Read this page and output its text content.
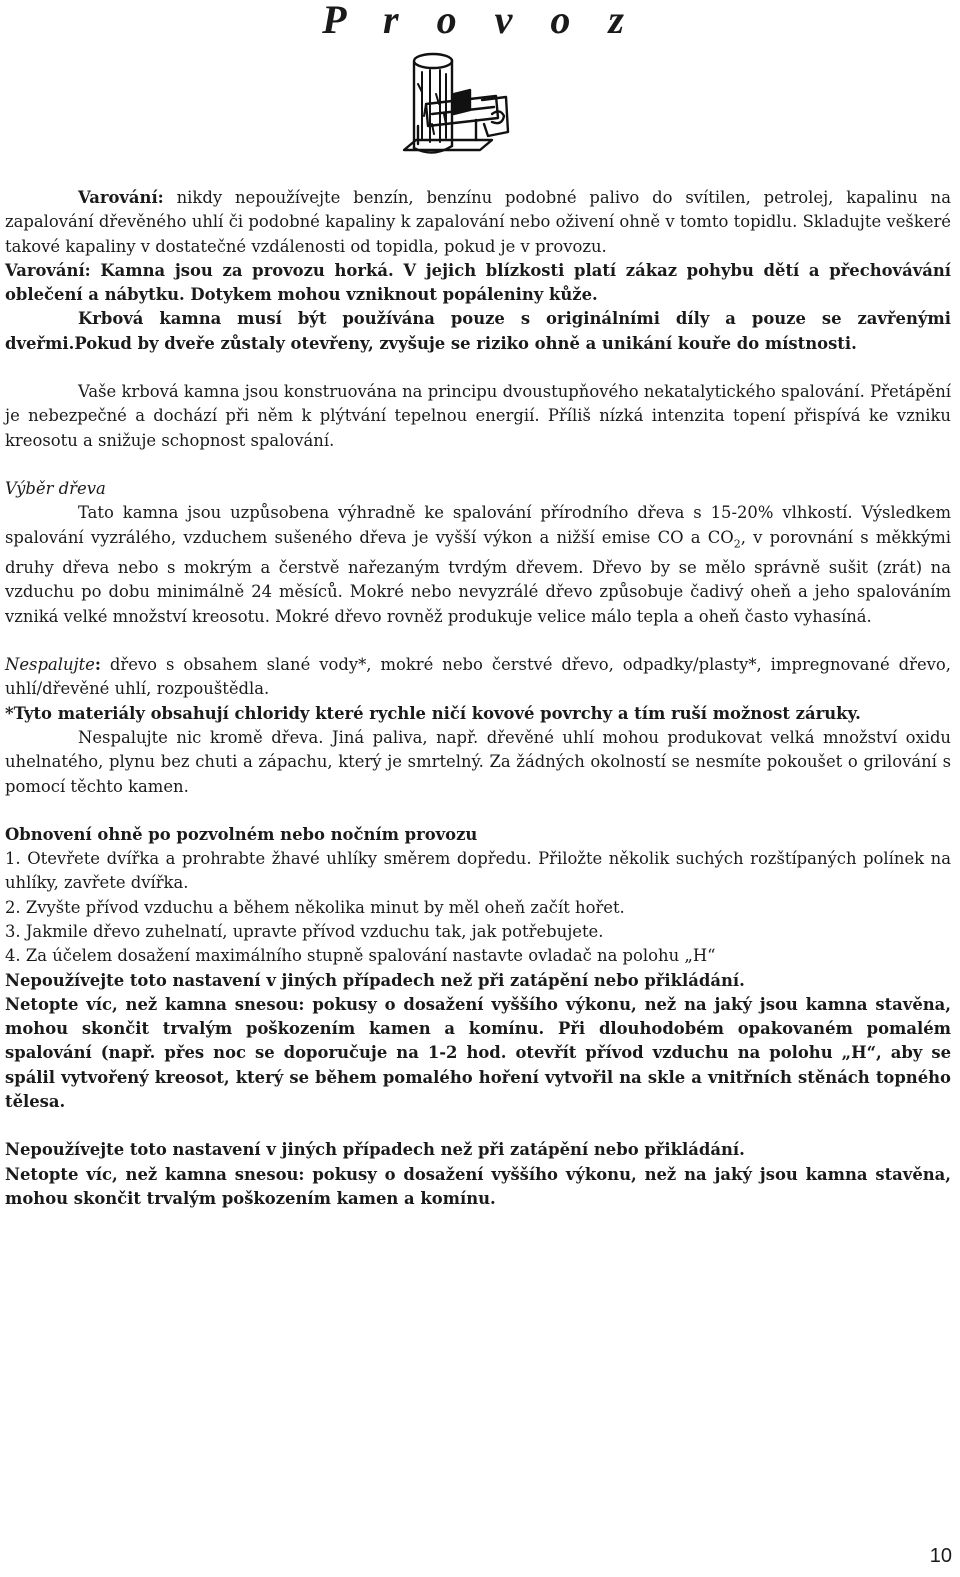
P r o v o z

Varování: nikdy nepoužívejte benzín, benzínu podobné palivo do svítilen, petrolej, kapalinu na zapalování dřevěného uhlí či podobné kapaliny k zapalování nebo oživení ohně v tomto topidlu. Skladujte veškeré takové kapaliny v dostatečné vzdálenosti od topidla, pokud je v provozu.

Varování: Kamna jsou za provozu horká. V jejich blízkosti platí zákaz pohybu dětí a přechovávání oblečení a nábytku. Dotykem mohou vzniknout popáleniny kůže.

Krbová kamna musí být používána pouze s originálními díly a pouze se zavřenými dveřmi.Pokud by dveře zůstaly otevřeny, zvyšuje se riziko ohně a unikání kouře do místnosti.

Vaše krbová kamna jsou konstruována na principu dvoustupňového nekatalytického spalování. Přetápění je nebezpečné a dochází při něm k plýtvání tepelnou energií. Příliš nízká intenzita topení přispívá ke vzniku kreosotu a snižuje schopnost spalování.

Výběr dřeva

Tato kamna jsou uzpůsobena výhradně ke spalování přírodního dřeva s 15-20% vlhkostí. Výsledkem spalování vyzrálého, vzduchem sušeného dřeva je vyšší výkon a nižší emise CO a $CO_2$, v porovnání s měkkými druhy dřeva nebo s mokrým a čerstvě nařezaným tvrdým dřevem. Dřevo by se mělo správně sušit (zrát) na vzduchu po dobu minimálně 24 měsíců. Mokré nebo nevyzrálé dřevo způsobuje čadivý oheň a jeho spalováním vzniká velké množství kreosotu. Mokré dřevo rovněž produkuje velice málo tepla a oheň často vyhasíná.

Nespalujte: dřevo s obsahem slané vody*, mokré nebo čerstvé dřevo, odpadky/plasty*, impregnované dřevo, uhlí/dřevěné uhlí, rozpouštědla.

*Tyto materiály obsahují chloridy které rychle ničí kovové povrchy a tím ruší možnost záruky.

Nespalujte nic kromě dřeva. Jiná paliva, např. dřevěné uhlí mohou produkovat velká množství oxidu uhelnatého, plynu bez chuti a zápachu, který je smrtelný. Za žádných okolností se nesmíte pokoušet o grilování s pomocí těchto kamen.

Obnovení ohně po pozvolném nebo nočním provozu

1. Otevřete dvířka a prohrabte žhavé uhlíky směrem dopředu. Přiložte několik suchých rozštípaných polínek na uhlíky, zavřete dvířka.

2. Zvyšte přívod vzduchu a během několika minut by měl oheň začít hořet.

3. Jakmile dřevo zuhelnatí, upravte přívod vzduchu tak, jak potřebujete.

4. Za účelem dosažení maximálního stupně spalování nastavte ovladač na polohu „H“

Nepoužívejte toto nastavení v jiných případech než při zatápění nebo přikládání.

Netopte víc, než kamna snesou: pokusy o dosažení vyššího výkonu, než na jaký jsou kamna stavěna, mohou skončit trvalým poškozením kamen a komínu. Při dlouhodobém opakovaném pomalém spalování (např. přes noc se doporučuje na 1-2 hod. otevřít přívod vzduchu na polohu „H“, aby se spálil vytvořený kreosot, který se během pomalého hoření vytvořil na skle a vnitřních stěnách topného tělesa.

Nepoužívejte toto nastavení v jiných případech než při zatápění nebo přikládání.

Netopte víc, než kamna snesou: pokusy o dosažení vyššího výkonu, než na jaký jsou kamna stavěna, mohou skončit trvalým poškozením kamen a komínu.

10
